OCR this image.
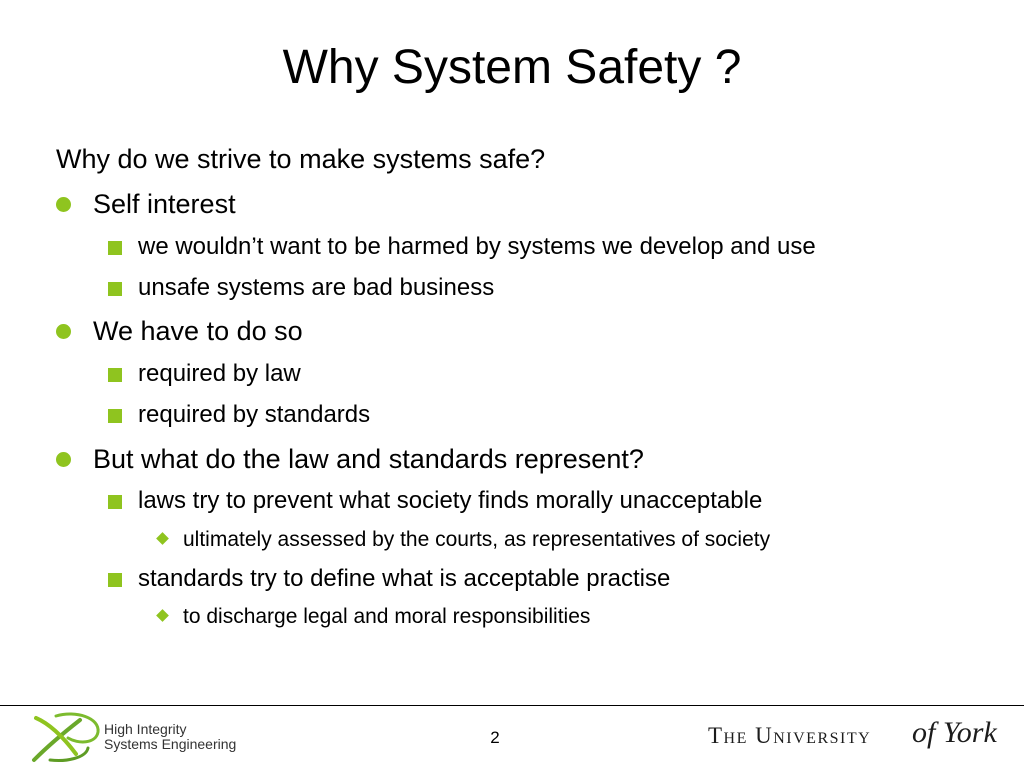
Why System Safety ?
Why do we strive to make systems safe?
Self interest
we wouldn’t want to be harmed by systems we develop and use
unsafe systems are bad business
We have to do so
required by law
required by standards
But what do the law and standards represent?
laws try to prevent what society finds morally unacceptable
ultimately assessed by the courts, as representatives of society
standards try to define what is acceptable practise
to discharge legal and moral responsibilities
High Integrity
Systems Engineering	2	The University of York
